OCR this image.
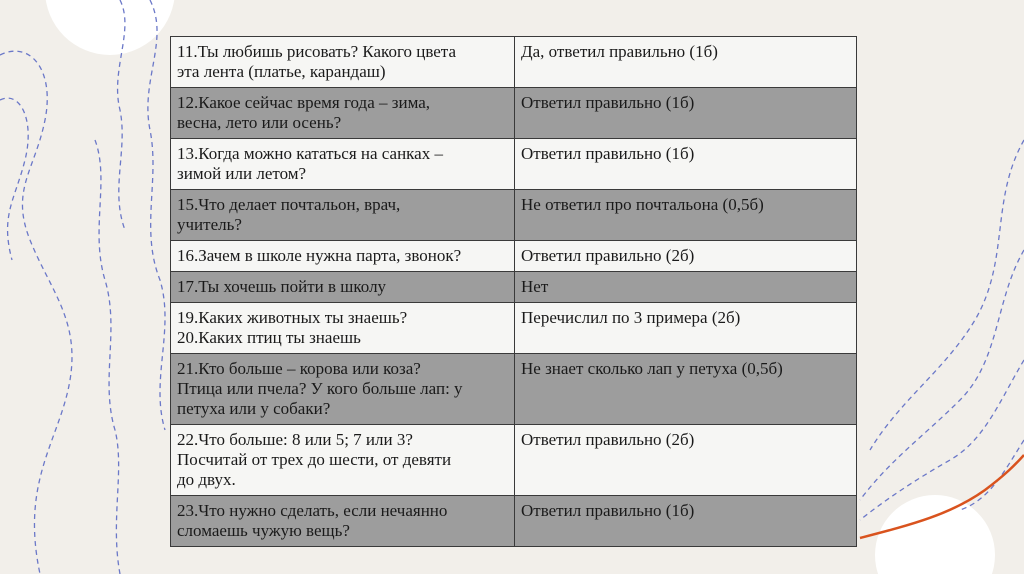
11.Ты любишь рисовать? Какого цвета
эта лента (платье, карандаш)	Да, ответил правильно (1б)
12.Какое сейчас время года – зима,
весна, лето или осень?	Ответил правильно (1б)
13.Когда можно кататься на санках –
зимой или летом?	Ответил правильно (1б)
15.Что делает почтальон, врач,
учитель?	Не ответил про почтальона (0,5б)
16.Зачем в школе нужна парта, звонок?	Ответил правильно (2б)
17.Ты хочешь пойти в школу	Нет
19.Каких животных ты знаешь?
20.Каких птиц ты знаешь	Перечислил по 3 примера (2б)
21.Кто больше – корова или коза?
Птица или пчела? У кого больше лап: у
петуха или у собаки?	Не знает сколько лап у петуха (0,5б)
22.Что больше: 8 или 5; 7 или 3?
Посчитай от трех до шести, от девяти
до двух.	Ответил правильно (2б)
23.Что нужно сделать, если нечаянно
сломаешь чужую вещь?	Ответил правильно (1б)
